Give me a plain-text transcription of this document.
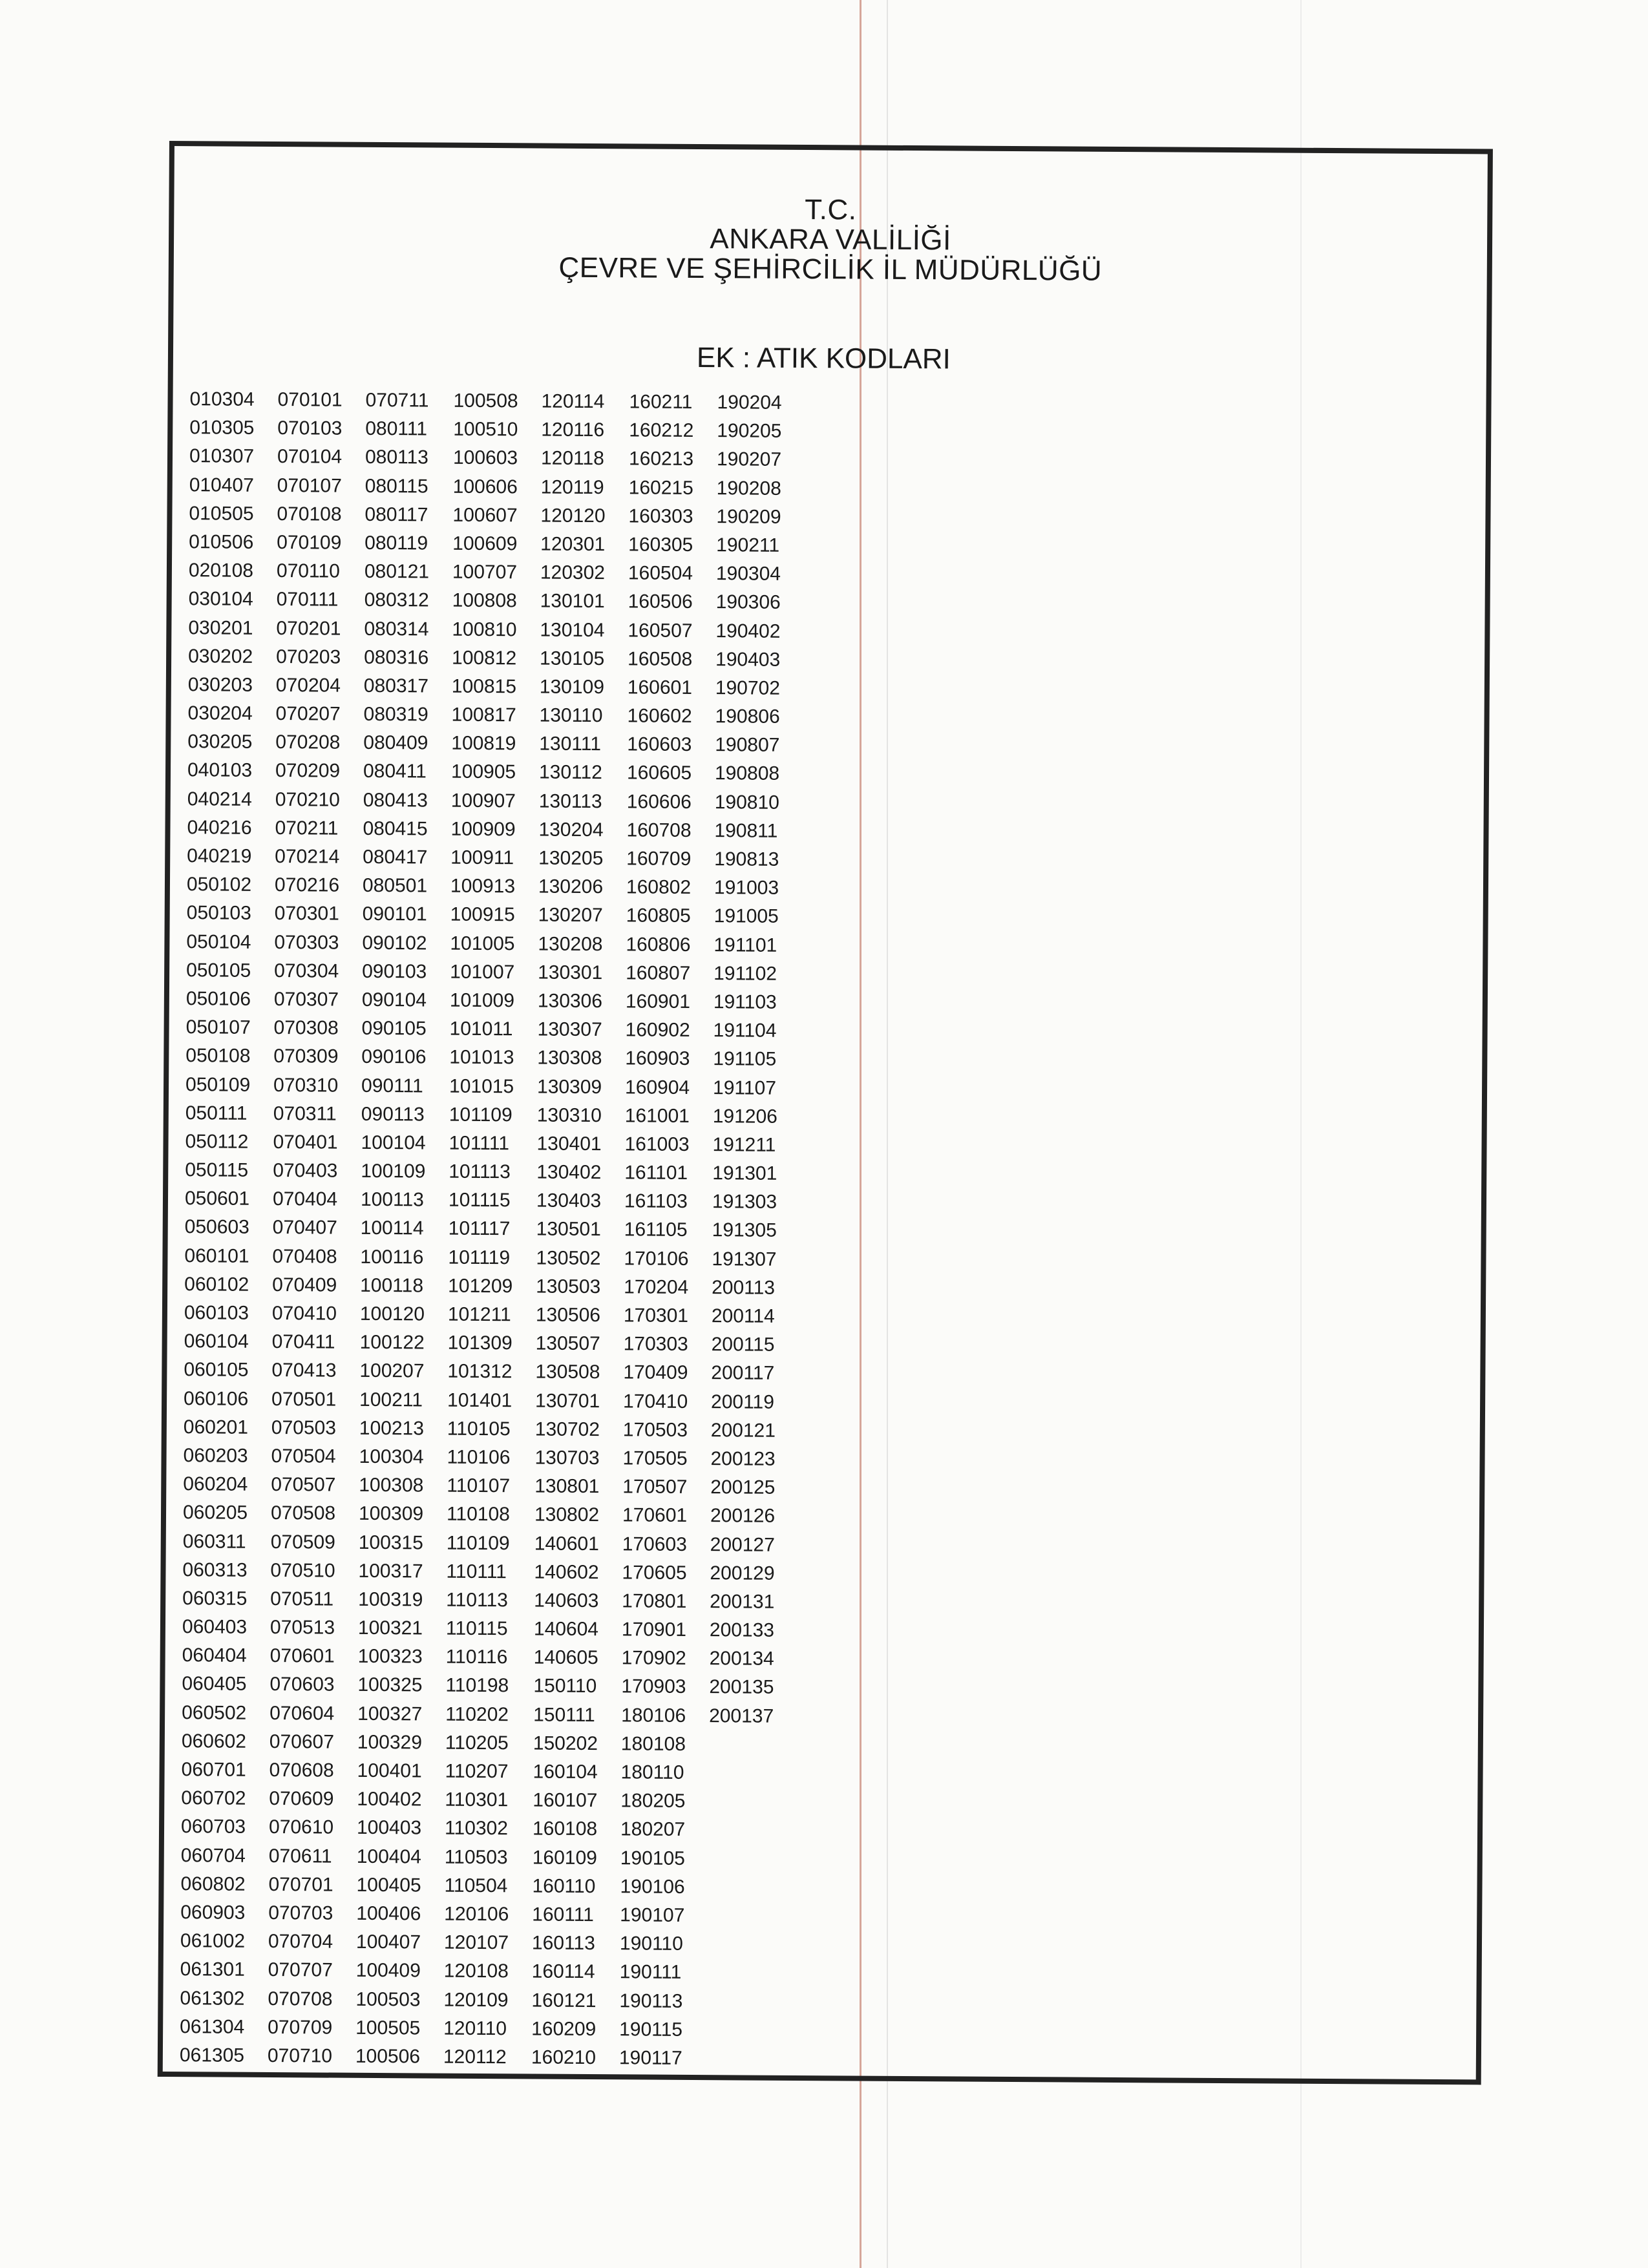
T.C.
ANKARA VALİLİĞİ
ÇEVRE VE ŞEHİRCİLİK İL MÜDÜRLÜĞÜ
EK : ATIK KODLARI
010304
010305
010307
010407
010505
010506
020108
030104
030201
030202
030203
030204
030205
040103
040214
040216
040219
050102
050103
050104
050105
050106
050107
050108
050109
050111
050112
050115
050601
050603
060101
060102
060103
060104
060105
060106
060201
060203
060204
060205
060311
060313
060315
060403
060404
060405
060502
060602
060701
060702
060703
060704
060802
060903
061002
061301
061302
061304
061305
070101
070103
070104
070107
070108
070109
070110
070111
070201
070203
070204
070207
070208
070209
070210
070211
070214
070216
070301
070303
070304
070307
070308
070309
070310
070311
070401
070403
070404
070407
070408
070409
070410
070411
070413
070501
070503
070504
070507
070508
070509
070510
070511
070513
070601
070603
070604
070607
070608
070609
070610
070611
070701
070703
070704
070707
070708
070709
070710
070711
080111
080113
080115
080117
080119
080121
080312
080314
080316
080317
080319
080409
080411
080413
080415
080417
080501
090101
090102
090103
090104
090105
090106
090111
090113
100104
100109
100113
100114
100116
100118
100120
100122
100207
100211
100213
100304
100308
100309
100315
100317
100319
100321
100323
100325
100327
100329
100401
100402
100403
100404
100405
100406
100407
100409
100503
100505
100506
100508
100510
100603
100606
100607
100609
100707
100808
100810
100812
100815
100817
100819
100905
100907
100909
100911
100913
100915
101005
101007
101009
101011
101013
101015
101109
101111
101113
101115
101117
101119
101209
101211
101309
101312
101401
110105
110106
110107
110108
110109
110111
110113
110115
110116
110198
110202
110205
110207
110301
110302
110503
110504
120106
120107
120108
120109
120110
120112
120114
120116
120118
120119
120120
120301
120302
130101
130104
130105
130109
130110
130111
130112
130113
130204
130205
130206
130207
130208
130301
130306
130307
130308
130309
130310
130401
130402
130403
130501
130502
130503
130506
130507
130508
130701
130702
130703
130801
130802
140601
140602
140603
140604
140605
150110
150111
150202
160104
160107
160108
160109
160110
160111
160113
160114
160121
160209
160210
160211
160212
160213
160215
160303
160305
160504
160506
160507
160508
160601
160602
160603
160605
160606
160708
160709
160802
160805
160806
160807
160901
160902
160903
160904
161001
161003
161101
161103
161105
170106
170204
170301
170303
170409
170410
170503
170505
170507
170601
170603
170605
170801
170901
170902
170903
180106
180108
180110
180205
180207
190105
190106
190107
190110
190111
190113
190115
190117
190204
190205
190207
190208
190209
190211
190304
190306
190402
190403
190702
190806
190807
190808
190810
190811
190813
191003
191005
191101
191102
191103
191104
191105
191107
191206
191211
191301
191303
191305
191307
200113
200114
200115
200117
200119
200121
200123
200125
200126
200127
200129
200131
200133
200134
200135
200137
